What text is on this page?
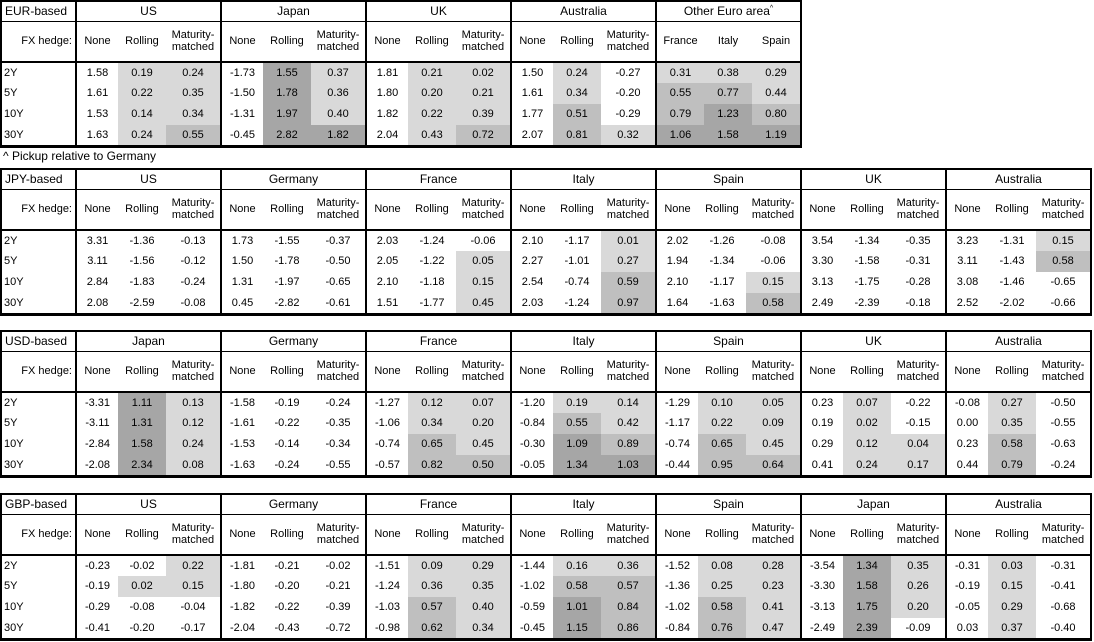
^ Pickup relative to Germany
EUR-based	US			Japan			UK			Australia			Other Euro area^
FX hedge:	None	Rolling	Maturity-matched	None	Rolling	Maturity-matched	None	Rolling	Maturity-matched	None	Rolling	Maturity-matched	France	Italy	Spain
2Y	1.58	0.19	0.24	-1.73	1.55	0.37	1.81	0.21	0.02	1.50	0.24	-0.27	0.31	0.38	0.29
5Y	1.61	0.22	0.35	-1.50	1.78	0.36	1.80	0.20	0.21	1.61	0.34	-0.20	0.55	0.77	0.44
10Y	1.53	0.14	0.34	-1.31	1.97	0.40	1.82	0.22	0.39	1.77	0.51	-0.29	0.79	1.23	0.80
30Y	1.63	0.24	0.55	-0.45	2.82	1.82	2.04	0.43	0.72	2.07	0.81	0.32	1.06	1.58	1.19
JPY-based	US			Germany			France			Italy			Spain			UK			Australia		
FX hedge:	None	Rolling	Maturity-matched	None	Rolling	Maturity-matched	None	Rolling	Maturity-matched	None	Rolling	Maturity-matched	None	Rolling	Maturity-matched	None	Rolling	Maturity-matched	None	Rolling	Maturity-matched
2Y	3.31	-1.36	-0.13	1.73	-1.55	-0.37	2.03	-1.24	-0.06	2.10	-1.17	0.01	2.02	-1.26	-0.08	3.54	-1.34	-0.35	3.23	-1.31	0.15
5Y	3.11	-1.56	-0.12	1.50	-1.78	-0.50	2.05	-1.22	0.05	2.27	-1.01	0.27	1.94	-1.34	-0.06	3.30	-1.58	-0.31	3.11	-1.43	0.58
10Y	2.84	-1.83	-0.24	1.31	-1.97	-0.65	2.10	-1.18	0.15	2.54	-0.74	0.59	2.10	-1.17	0.15	3.13	-1.75	-0.28	3.08	-1.46	-0.65
30Y	2.08	-2.59	-0.08	0.45	-2.82	-0.61	1.51	-1.77	0.45	2.03	-1.24	0.97	1.64	-1.63	0.58	2.49	-2.39	-0.18	2.52	-2.02	-0.66
USD-based	Japan			Germany			France			Italy			Spain			UK			Australia		
FX hedge:	None	Rolling	Maturity-matched	None	Rolling	Maturity-matched	None	Rolling	Maturity-matched	None	Rolling	Maturity-matched	None	Rolling	Maturity-matched	None	Rolling	Maturity-matched	None	Rolling	Maturity-matched
2Y	-3.31	1.11	0.13	-1.58	-0.19	-0.24	-1.27	0.12	0.07	-1.20	0.19	0.14	-1.29	0.10	0.05	0.23	0.07	-0.22	-0.08	0.27	-0.50
5Y	-3.11	1.31	0.12	-1.61	-0.22	-0.35	-1.06	0.34	0.20	-0.84	0.55	0.42	-1.17	0.22	0.09	0.19	0.02	-0.15	0.00	0.35	-0.55
10Y	-2.84	1.58	0.24	-1.53	-0.14	-0.34	-0.74	0.65	0.45	-0.30	1.09	0.89	-0.74	0.65	0.45	0.29	0.12	0.04	0.23	0.58	-0.63
30Y	-2.08	2.34	0.08	-1.63	-0.24	-0.55	-0.57	0.82	0.50	-0.05	1.34	1.03	-0.44	0.95	0.64	0.41	0.24	0.17	0.44	0.79	-0.24
GBP-based	US			Germany			France			Italy			Spain			Japan			Australia		
FX hedge:	None	Rolling	Maturity-matched	None	Rolling	Maturity-matched	None	Rolling	Maturity-matched	None	Rolling	Maturity-matched	None	Rolling	Maturity-matched	None	Rolling	Maturity-matched	None	Rolling	Maturity-matched
2Y	-0.23	-0.02	0.22	-1.81	-0.21	-0.02	-1.51	0.09	0.29	-1.44	0.16	0.36	-1.52	0.08	0.28	-3.54	1.34	0.35	-0.31	0.03	-0.31
5Y	-0.19	0.02	0.15	-1.80	-0.20	-0.21	-1.24	0.36	0.35	-1.02	0.58	0.57	-1.36	0.25	0.23	-3.30	1.58	0.26	-0.19	0.15	-0.41
10Y	-0.29	-0.08	-0.04	-1.82	-0.22	-0.39	-1.03	0.57	0.40	-0.59	1.01	0.84	-1.02	0.58	0.41	-3.13	1.75	0.20	-0.05	0.29	-0.68
30Y	-0.41	-0.20	-0.17	-2.04	-0.43	-0.72	-0.98	0.62	0.34	-0.45	1.15	0.86	-0.84	0.76	0.47	-2.49	2.39	-0.09	0.03	0.37	-0.40
